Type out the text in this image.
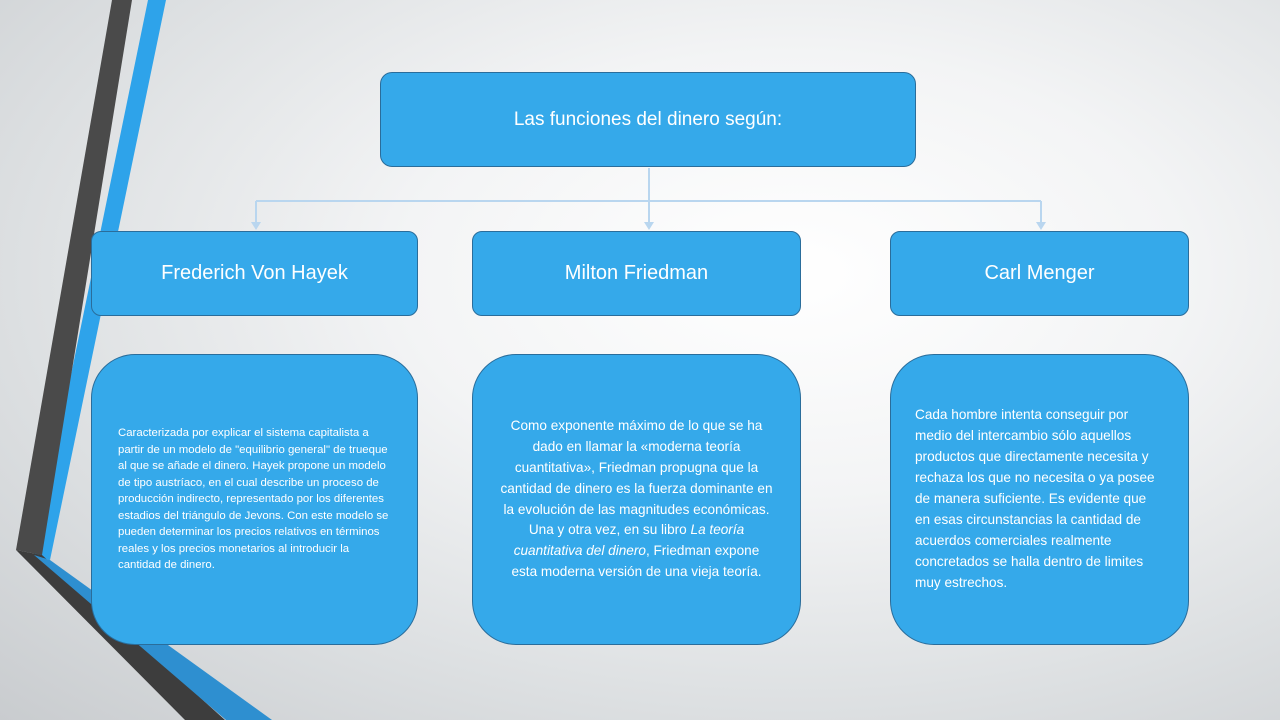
Las funciones del dinero según:
Frederich Von Hayek	Milton Friedman	Carl Menger

Caracterizada por explicar el sistema capitalista a partir de un modelo de "equilibrio general" de trueque al que se añade el dinero. Hayek propone un modelo de tipo austríaco, en el cual describe un proceso de producción indirecto, representado por los diferentes estadios del triángulo de Jevons. Con este modelo se pueden determinar los precios relativos en términos reales y los precios monetarios al introducir la cantidad de dinero.

Como exponente máximo de lo que se ha dado en llamar la «moderna teoría cuantitativa», Friedman propugna que la cantidad de dinero es la fuerza dominante en la evolución de las magnitudes económicas. Una y otra vez, en su libro La teoría cuantitativa del dinero, Friedman expone esta moderna versión de una vieja teoría.

Cada hombre intenta conseguir por medio del intercambio sólo aquellos productos que directamente necesita y rechaza los que no necesita o ya posee de manera suficiente. Es evidente que en esas circunstancias la cantidad de acuerdos comerciales realmente concretados se halla dentro de limites muy estrechos.
